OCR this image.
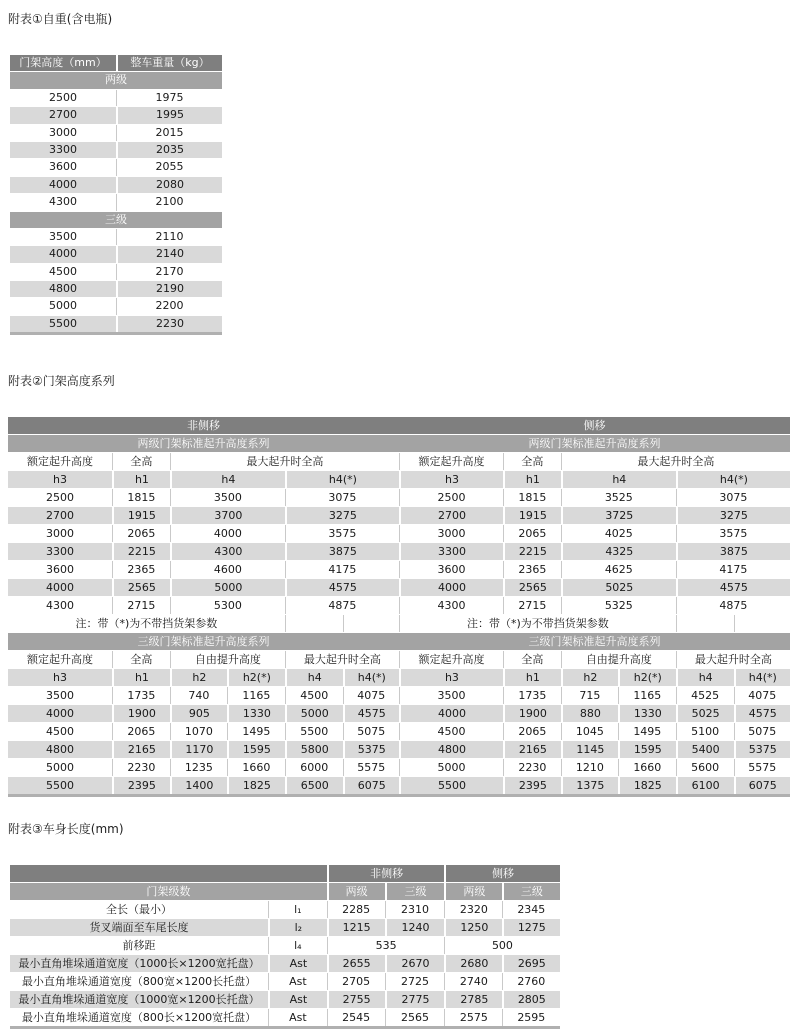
附表①自重(含电瓶)
门架高度（mm）	整车重量（kg）
两级
2500	1975
2700	1995
3000	2015
3300	2035
3600	2055
4000	2080
4300	2100
三级
3500	2110
4000	2140
4500	2170
4800	2190
5000	2200
5500	2230
附表②门架高度系列
非侧移	侧移
两级门架标准起升高度系列	两级门架标准起升高度系列
额定起升高度	全高	最大起升时全高	额定起升高度	全高	最大起升时全高
h3	h1	h4	h4(*)	h3	h1	h4	h4(*)
2500	1815	3500	3075	2500	1815	3525	3075
2700	1915	3700	3275	2700	1915	3725	3275
3000	2065	4000	3575	3000	2065	4025	3575
3300	2215	4300	3875	3300	2215	4325	3875
3600	2365	4600	4175	3600	2365	4625	4175
4000	2565	5000	4575	4000	2565	5025	4575
4300	2715	5300	4875	4300	2715	5325	4875
注：带（*)为不带挡货架参数	注：带（*)为不带挡货架参数
三级门架标准起升高度系列	三级门架标准起升高度系列
额定起升高度	全高	自由提升高度	最大起升时全高	额定起升高度	全高	自由提升高度	最大起升时全高
h3	h1	h2	h2(*)	h4	h4(*)	h3	h1	h2	h2(*)	h4	h4(*)
3500	1735	740	1165	4500	4075	3500	1735	715	1165	4525	4075
4000	1900	905	1330	5000	4575	4000	1900	880	1330	5025	4575
4500	2065	1070	1495	5500	5075	4500	2065	1045	1495	5100	5075
4800	2165	1170	1595	5800	5375	4800	2165	1145	1595	5400	5375
5000	2230	1235	1660	6000	5575	5000	2230	1210	1660	5600	5575
5500	2395	1400	1825	6500	6075	5500	2395	1375	1825	6100	6075
附表③车身长度(mm)
非侧移	侧移
门架级数	两级	三级	两级	三级
全长（最小）	l₁	2285	2310	2320	2345
货叉端面至车尾长度	l₂	1215	1240	1250	1275
前移距	l₄	535	500
最小直角堆垛通道宽度（1000长×1200宽托盘）	Ast	2655	2670	2680	2695
最小直角堆垛通道宽度（800宽×1200长托盘）	Ast	2705	2725	2740	2760
最小直角堆垛通道宽度（1000宽×1200长托盘）	Ast	2755	2775	2785	2805
最小直角堆垛通道宽度（800长×1200宽托盘）	Ast	2545	2565	2575	2595
